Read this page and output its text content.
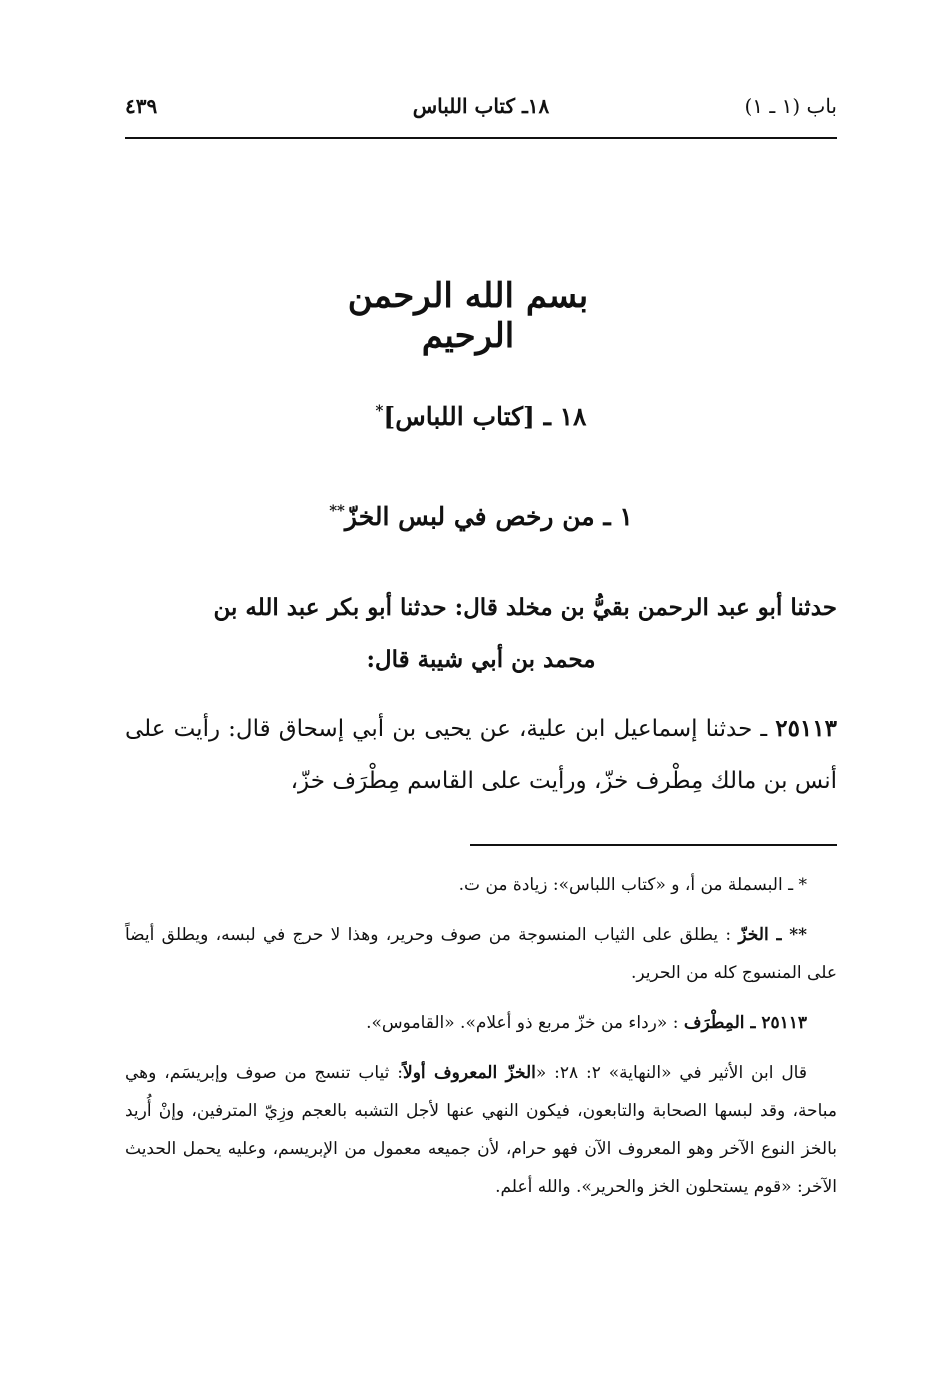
باب (١ ـ ١)
١٨ـ كتاب اللباس
٤٣٩
بسم الله الرحمن الرحيم
١٨ ـ [كتاب اللباس]*
١ ـ من رخص في لبس الخزّ**
حدثنا أبو عبد الرحمن بقيُّ بن مخلد قال: حدثنا أبو بكر عبد الله بن
محمد بن أبي شيبة قال:
٢٥١١٣ ـ حدثنا إسماعيل ابن علية، عن يحيى بن أبي إسحاق قال: رأيت على أنس بن مالك مِطْرف خزّ، ورأيت على القاسم مِطْرَف خزّ،

* ـ البسملة من أ، و «كتاب اللباس»: زيادة من ت.

** ـ الخزّ : يطلق على الثياب المنسوجة من صوف وحرير، وهذا لا حرج في لبسه، ويطلق أيضاً على المنسوج كله من الحرير.

٢٥١١٣ ـ المِطْرَف : «رداء من خزّ مربع ذو أعلام». «القاموس».

قال ابن الأثير في «النهاية» ٢: ٢٨: «الخزّ المعروف أولاً: ثياب تنسج من صوف وإبريسَم، وهي مباحة، وقد لبسها الصحابة والتابعون، فيكون النهي عنها لأجل التشبه بالعجم وزِيّ المترفين، وإنْ أُريد بالخز النوع الآخر وهو المعروف الآن فهو حرام، لأن جميعه معمول من الإبريسم، وعليه يحمل الحديث الآخر: «قوم يستحلون الخز والحرير». والله أعلم.
